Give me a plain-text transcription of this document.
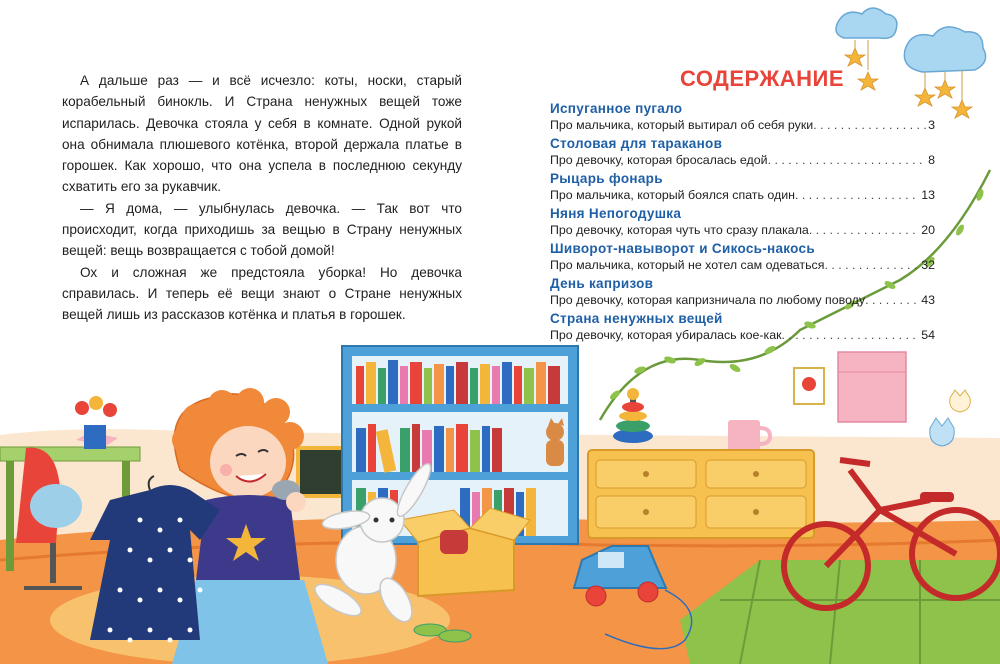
А дальше раз — и всё исчезло: коты, носки, старый корабельный бинокль. И Страна ненужных вещей тоже испарилась. Девочка стояла у себя в комнате. Одной рукой она обнимала плюшевого котёнка, второй держала платье в горошек. Как хорошо, что она успела в последнюю секунду схватить его за рукавчик.

— Я дома, — улыбнулась девочка. — Так вот что происходит, когда приходишь за вещью в Страну ненужных вещей: вещь возвращается с тобой домой!

Ох и сложная же предстояла уборка! Но девочка справилась. И теперь её вещи знают о Стране ненужных вещей лишь из рассказов котёнка и платья в горошек.

СОДЕРЖАНИЕ
Испуганное пугало
Про мальчика, который вытирал об себя руки . . .	3
Столовая для тараканов
Про девочку, которая бросалась едой . . .	8
Рыцарь фонарь
Про мальчика, который боялся спать один . . .	13
Няня Непогодушка
Про девочку, которая чуть что сразу плакала . . .	20
Шиворот-навыворот и Сикось-накось
Про мальчика, который не хотел сам одеваться . . .	32
День капризов
Про девочку, которая капризничала по любому поводу . . .	43
Страна ненужных вещей
Про девочку, которая убиралась кое-как . . .	54
